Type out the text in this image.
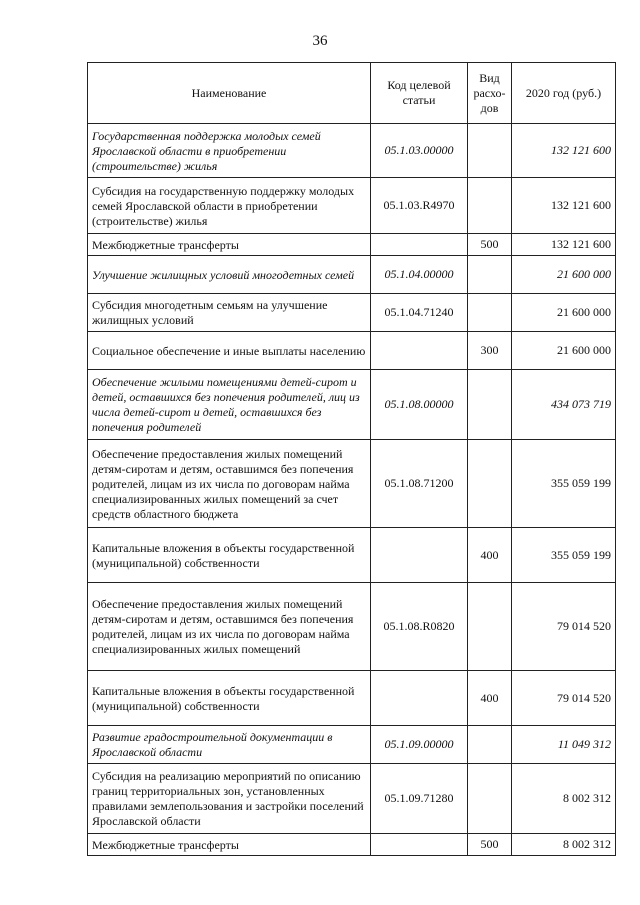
36
Наименование	Код целевой статьи	Вид расхо-дов	2020 год (руб.)
Государственная поддержка молодых семей Ярославской области в приобретении (строительстве) жилья	05.1.03.00000		132 121 600
Субсидия на государственную поддержку молодых семей Ярославской области в приобретении (строительстве) жилья	05.1.03.R4970		132 121 600
Межбюджетные трансферты		500	132 121 600
Улучшение жилищных условий многодетных семей	05.1.04.00000		21 600 000
Субсидия многодетным семьям на улучшение жилищных условий	05.1.04.71240		21 600 000
Социальное обеспечение и иные выплаты населению		300	21 600 000
Обеспечение жилыми помещениями детей-сирот и детей, оставшихся без попечения родителей, лиц из числа детей-сирот и детей, оставшихся без попечения родителей	05.1.08.00000		434 073 719
Обеспечение предоставления жилых помещений детям-сиротам и детям, оставшимся без попечения родителей, лицам из их числа по договорам найма специализированных жилых помещений за счет средств областного бюджета	05.1.08.71200		355 059 199
Капитальные вложения в объекты государственной (муниципальной) собственности		400	355 059 199
Обеспечение предоставления жилых помещений детям-сиротам и детям, оставшимся без попечения родителей, лицам из их числа по договорам найма специализированных жилых помещений	05.1.08.R0820		79 014 520
Капитальные вложения в объекты государственной (муниципальной) собственности		400	79 014 520
Развитие градостроительной документации в Ярославской области	05.1.09.00000		11 049 312
Субсидия на реализацию мероприятий по описанию границ территориальных зон, установленных правилами землепользования и застройки поселений Ярославской области	05.1.09.71280		8 002 312
Межбюджетные трансферты		500	8 002 312
